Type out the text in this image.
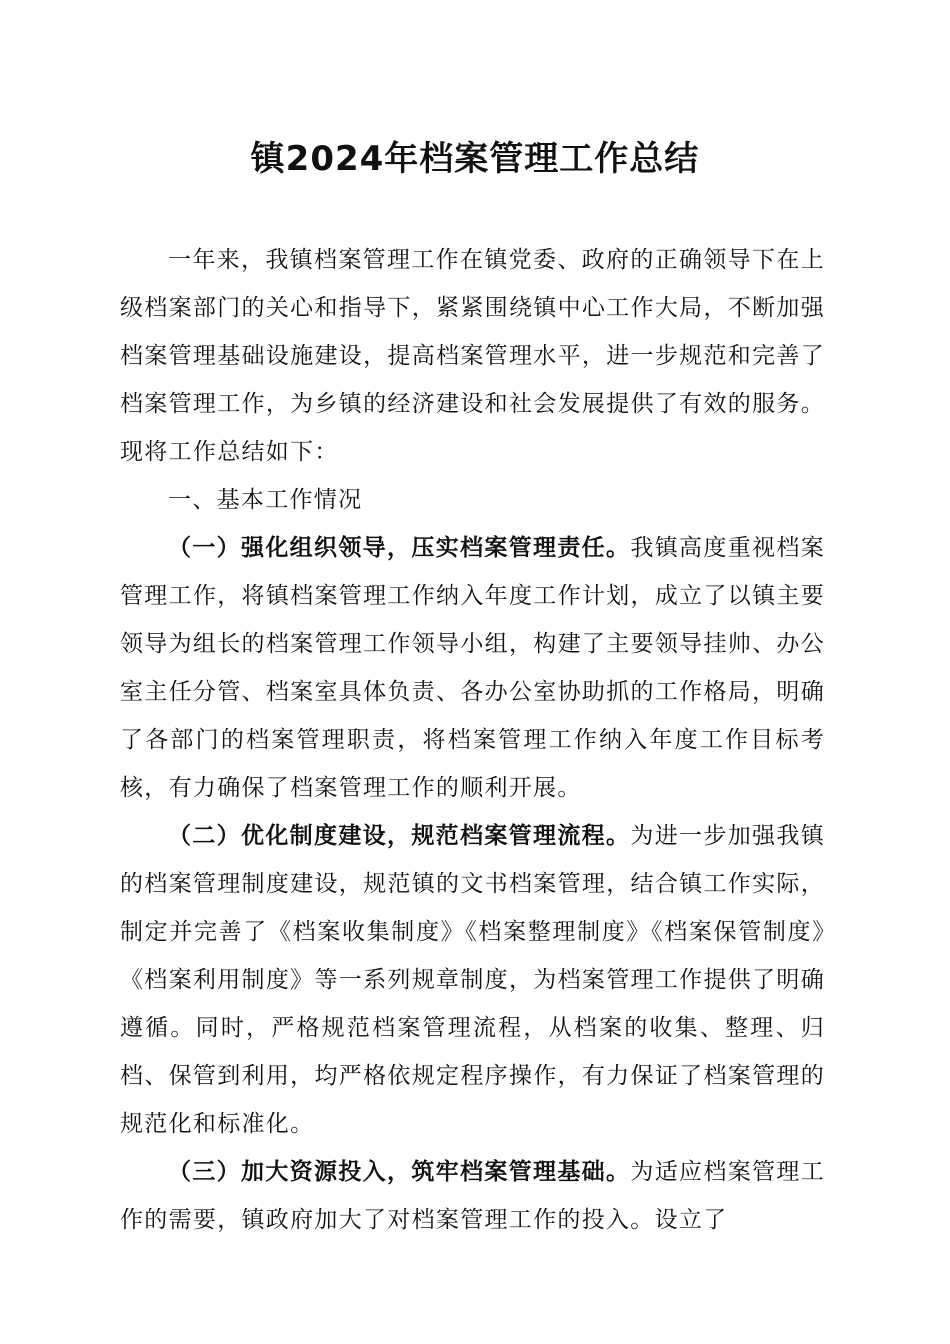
镇2024年档案管理工作总结

一年来，我镇档案管理工作在镇党委、政府的正确领导下在上级档案部门的关心和指导下，紧紧围绕镇中心工作大局，不断加强档案管理基础设施建设，提高档案管理水平，进一步规范和完善了档案管理工作，为乡镇的经济建设和社会发展提供了有效的服务。现将工作总结如下：

一、基本工作情况

（一）强化组织领导，压实档案管理责任。我镇高度重视档案管理工作，将镇档案管理工作纳入年度工作计划，成立了以镇主要领导为组长的档案管理工作领导小组，构建了主要领导挂帅、办公室主任分管、档案室具体负责、各办公室协助抓的工作格局，明确了各部门的档案管理职责，将档案管理工作纳入年度工作目标考核，有力确保了档案管理工作的顺利开展。

（二）优化制度建设，规范档案管理流程。为进一步加强我镇的档案管理制度建设，规范镇的文书档案管理，结合镇工作实际，制定并完善了《档案收集制度》《档案整理制度》《档案保管制度》《档案利用制度》等一系列规章制度，为档案管理工作提供了明确遵循。同时，严格规范档案管理流程，从档案的收集、整理、归档、保管到利用，均严格依规定程序操作，有力保证了档案管理的规范化和标准化。

（三）加大资源投入，筑牢档案管理基础。为适应档案管理工作的需要，镇政府加大了对档案管理工作的投入。设立了
